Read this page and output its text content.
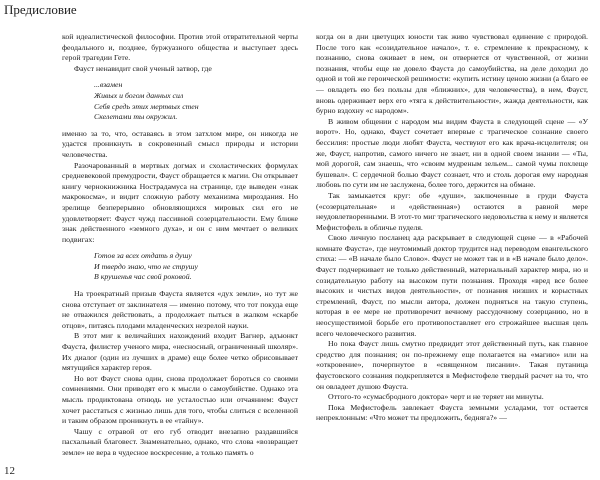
Предисловие

кой идеалистической философии. Против этой отвратительной черты феодального и, позднее, буржуазного общества и выступает здесь герой трагедии Гете.

Фауст ненавидит свой ученый затвор, где

...взамен
Живых и богом данных сил
Себя средь этих мертвых стен
Скелетами ты окружил.

именно за то, что, оставаясь в этом затхлом мире, он никогда не удастся проникнуть в сокровенный смысл природы и истории человечества.

Разочарованный в мертвых догмах и схоластических формулах средневековой премудрости, Фауст обращается к магии. Он открывает книгу чернокнижника Нострадамуса на странице, где выведен «знак макрокосма», и видит сложную работу механизма мироздания. Но зрелище безперерывно обновляющихся мировых сил его не удовлетворяет: Фауст чужд пассивной созерцательности. Ему ближе знак действенного «земного духа», и он с ним мечтает о великих подвигах:

Готов за всех отдать я душу
И твердо знаю, что не струшу
В крушенья час свой роковой.

На троекратный призыв Фауста является «дух земли», но тут же снова отступает от заклинателя — именно потому, что тот покуда еще не отважился действовать, а продолжает пыться в жалком «скарбе отцов», питаясь плодами младенческих незрелой науки.

В этот миг к величайших нахождений входит Вагнер, адъюнкт Фауста, филистер ученого мира, «несносный, ограниченный школяр». Их диалог (один из лучших в драме) еще более четко обрисовывает мятущийся характер героя.

Но вот Фауст снова один, снова продолжает бороться со своими сомнениями. Они приводят его к мысли о самоубийстве. Однако эта мысль продиктована отнюдь не усталостью или отчаянием: Фауст хочет расстаться с жизнью лишь для того, чтобы слиться с вселенной и таким образом проникнуть в ее «тайну».

Чашу с отравой от его губ отводит внезапно раздавшийся пасхальный благовест. Знаменательно, однако, что слова «возвращает земле» не вера в чудесное воскресение, а только память о

когда он в дни цветущих юности так живо чувствовал единение с природой. После того как «созидательное начало», т. е. стремление к прекрасному, к познанию, снова оживает в нем, он отвернется от чувственной, от жизни познания, чтобы еще не довело Фауста до самоубийства, на деле доходил до одной и той же героической решимости: «купить истину ценою жизни (а благо ее — овладеть ею без пользы для «ближних», для человечества), в нем, Фауст, вновь одерживает верх его «тяга к действительности», жажда деятельности, как бурно вздохну «с народом».

В живом общении с народом мы видим Фауста в следующей сцене — «У ворот». Но, однако, Фауст сочетает впервые с трагическое сознание своего бессилия: простые люди любят Фауста, чествуют его как врача-исцелителя; он же, Фауст, напротив, самого ничего не знает, ни в одной своем знании — «Ты, мой дорогой, сам знаешь, что «своим мудреным зельем... самой чумы похлеще бушевал». С сердечной болью Фауст сознает, что и столь дорогая ему народная любовь по сути им не заслужена, более того, держится на обмане.

Так замыкается круг: обе «души», заключенные в груди Фауста («созерцательная» и «действенная») остаются в равной мере неудовлетворенными. В этот-то миг трагического недовольства к нему и является Мефистофель в обличье пуделя.

Свою личную посланец ада раскрывает в следующей сцене — в «Рабочей комнате Фауста», где неутомимый доктор трудится над переводом евангельского стиха: — «В начале было Слово». Фауст не может так и в «В начале было дело». Фауст подчеркивает не только действенный, материальный характер мира, но и созидательную работу на высоком пути познания. Проходя «вред все более высоких и чистых видов деятельности», от познания низших и корыстных стремлений, Фауст, по мысли автора, должен подняться на такую ступень, которая в ее мере не противоречит вечному рассудочному созерцанию, но в неосуществимой борьбе его противопоставляет его строжайшее высшая цель всего человеческого развития.

Но пока Фауст лишь смутно предвидит этот действенный путь, как главное средство для познания; он по-прежнему еще полагается на «магию» или на «откровение», почерпнутое в «священном писании». Такая путаница фаустовского сознания подкрепляется в Мефистофеле твердый расчет на то, что он овладеет душою Фауста.

Оттого-то «сумасбродного доктора» черт и не теряет ни минуты.

Пока Мефистофель завлекает Фауста земными усладами, тот остается непреклонным: «Что может ты предложить, бедняга?» —

12
